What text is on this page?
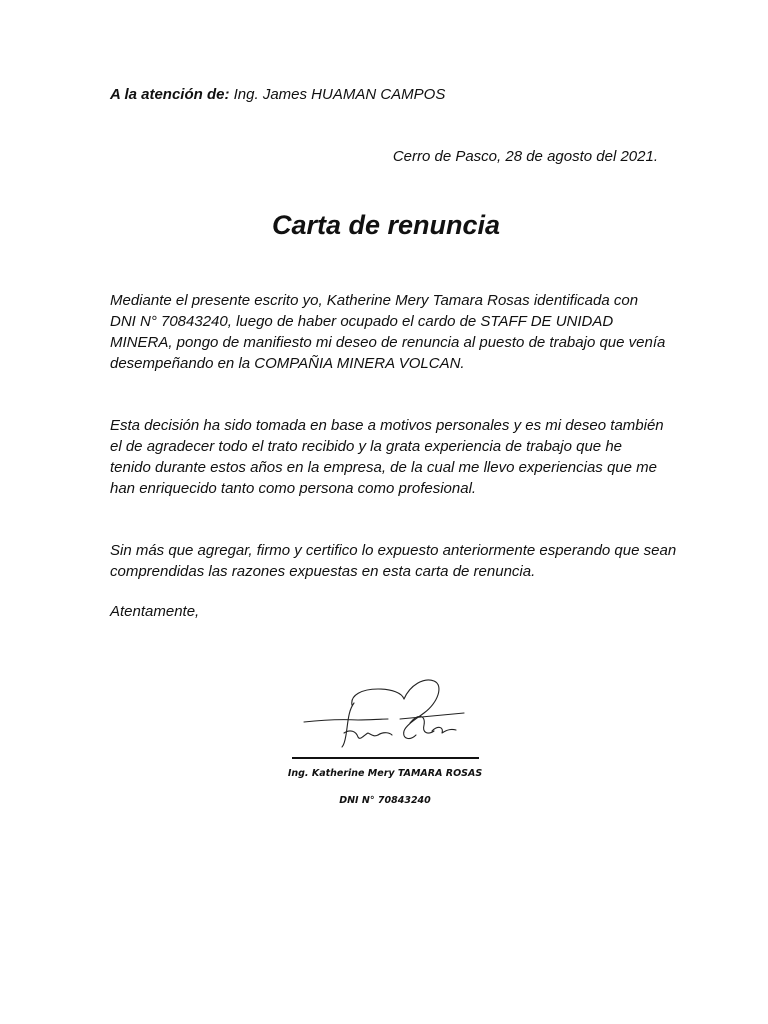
A la atención de: Ing. James HUAMAN CAMPOS
Cerro de Pasco, 28 de agosto del 2021.
Carta de renuncia
Mediante el presente escrito yo, Katherine Mery Tamara Rosas identificada con
DNI N° 70843240, luego de haber ocupado el cardo de STAFF DE UNIDAD
MINERA, pongo de manifiesto mi deseo de renuncia al puesto de trabajo que venía
desempeñando en la COMPAÑIA MINERA VOLCAN.
Esta decisión ha sido tomada en base a motivos personales y es mi deseo también
el de agradecer todo el trato recibido y la grata experiencia de trabajo que he
tenido durante estos años en la empresa, de la cual me llevo experiencias que me
han enriquecido tanto como persona como profesional.
Sin más que agregar, firmo y certifico lo expuesto anteriormente esperando que sean
comprendidas las razones expuestas en esta carta de renuncia.
Atentamente,
Ing. Katherine Mery TAMARA ROSAS
DNI N° 70843240
